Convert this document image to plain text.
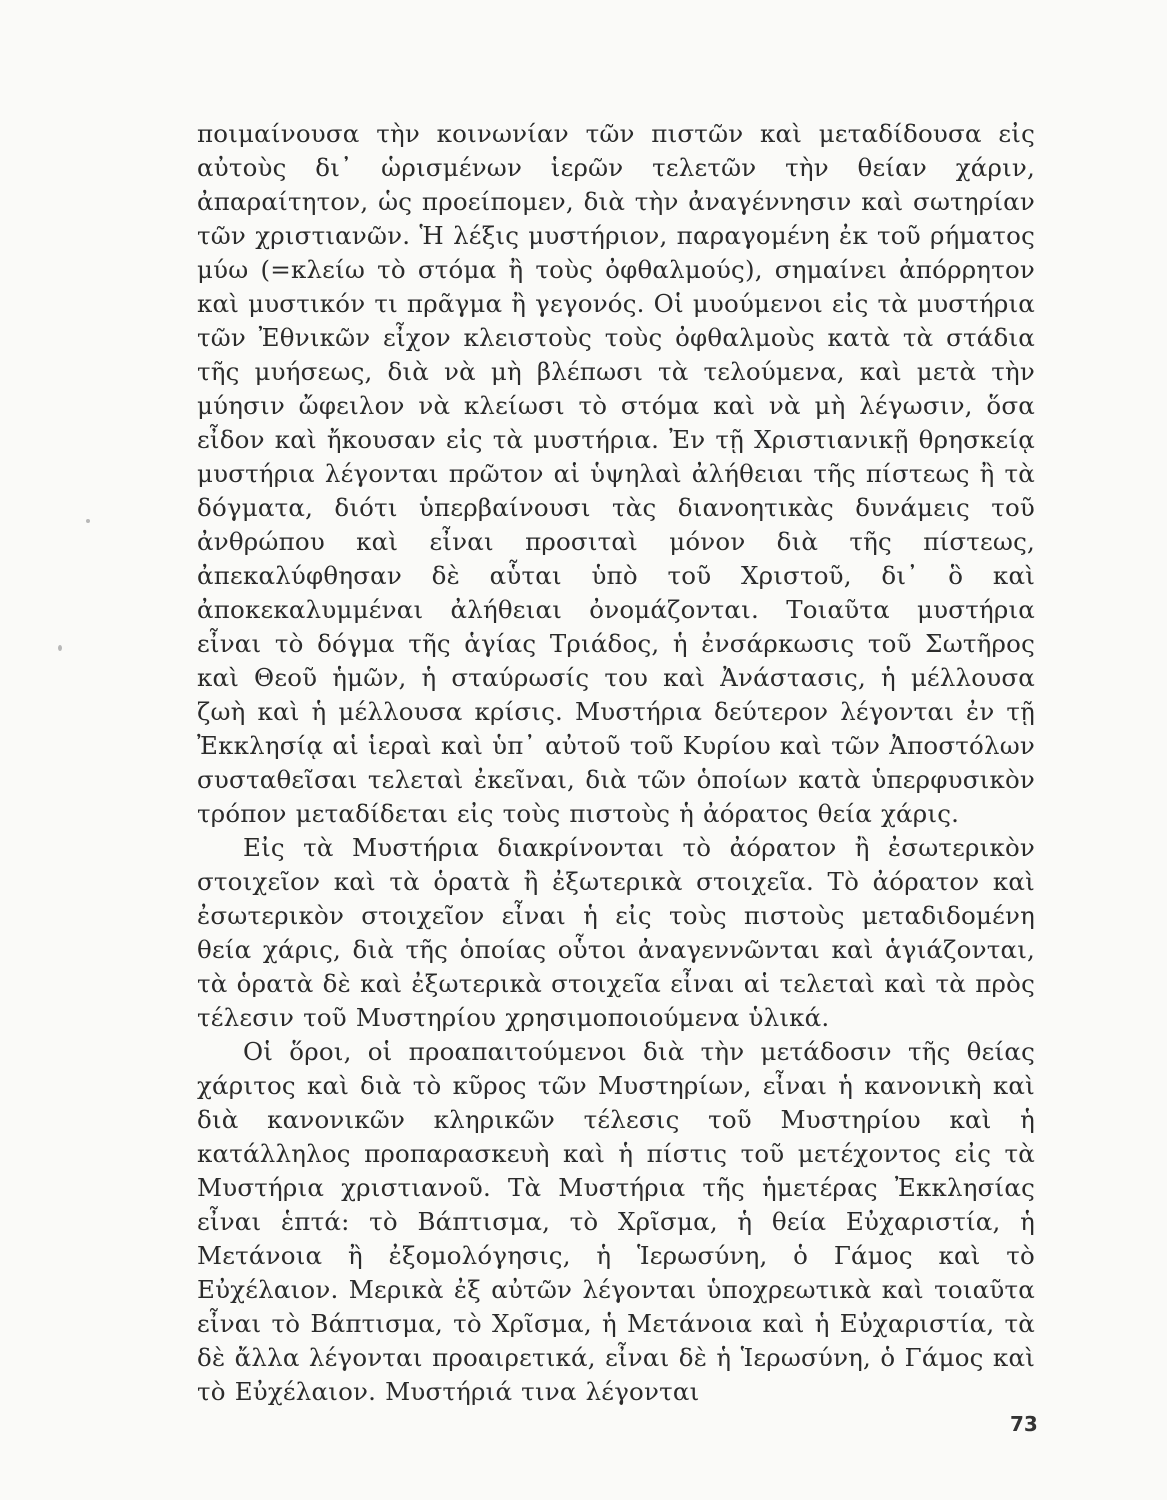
ποιμαίνουσα τὴν κοινωνίαν τῶν πιστῶν καὶ μεταδίδουσα εἰς αὐτοὺς δι᾿ ὡρισμένων ἱερῶν τελετῶν τὴν θείαν χάριν, ἀπαραίτητον, ὡς προείπομεν, διὰ τὴν ἀναγέννησιν καὶ σωτηρίαν τῶν χριστιανῶν. Ἡ λέξις μυστήριον, παραγομένη ἐκ τοῦ ρήματος μύω (=κλείω τὸ στόμα ἢ τοὺς ὀφθαλμούς), σημαίνει ἀπόρρητον καὶ μυστικόν τι πρᾶγμα ἢ γεγονός. Οἱ μυούμενοι εἰς τὰ μυστήρια τῶν Ἐθνικῶν εἶχον κλειστοὺς τοὺς ὀφθαλμοὺς κατὰ τὰ στάδια τῆς μυήσεως, διὰ νὰ μὴ βλέπωσι τὰ τελούμενα, καὶ μετὰ τὴν μύησιν ὤφειλον νὰ κλείωσι τὸ στόμα καὶ νὰ μὴ λέγωσιν, ὅσα εἶδον καὶ ἤκουσαν εἰς τὰ μυστήρια. Ἐν τῇ Χριστιανικῇ θρησκείᾳ μυστήρια λέγονται πρῶτον αἱ ὑψηλαὶ ἀλήθειαι τῆς πίστεως ἢ τὰ δόγματα, διότι ὑπερβαίνουσι τὰς διανοητικὰς δυνάμεις τοῦ ἀνθρώπου καὶ εἶναι προσιταὶ μόνον διὰ τῆς πίστεως, ἀπεκαλύφθησαν δὲ αὗται ὑπὸ τοῦ Χριστοῦ, δι᾿ ὃ καὶ ἀποκεκαλυμμέναι ἀλήθειαι ὀνομάζονται. Τοιαῦτα μυστήρια εἶναι τὸ δόγμα τῆς ἁγίας Τριάδος, ἡ ἐνσάρκωσις τοῦ Σωτῆρος καὶ Θεοῦ ἡμῶν, ἡ σταύρωσίς του καὶ Ἀνάστασις, ἡ μέλλουσα ζωὴ καὶ ἡ μέλλουσα κρίσις. Μυστήρια δεύτερον λέγονται ἐν τῇ Ἐκκλησίᾳ αἱ ἱεραὶ καὶ ὑπ᾿ αὐτοῦ τοῦ Κυρίου καὶ τῶν Ἀποστόλων συσταθεῖσαι τελεταὶ ἐκεῖναι, διὰ τῶν ὁποίων κατὰ ὑπερφυσικὸν τρόπον μεταδίδεται εἰς τοὺς πιστοὺς ἡ ἀόρατος θεία χάρις.

Εἰς τὰ Μυστήρια διακρίνονται τὸ ἀόρατον ἢ ἐσωτερικὸν στοιχεῖον καὶ τὰ ὁρατὰ ἢ ἐξωτερικὰ στοιχεῖα. Τὸ ἀόρατον καὶ ἐσωτερικὸν στοιχεῖον εἶναι ἡ εἰς τοὺς πιστοὺς μεταδιδομένη θεία χάρις, διὰ τῆς ὁποίας οὗτοι ἀναγεννῶνται καὶ ἁγιάζονται, τὰ ὁρατὰ δὲ καὶ ἐξωτερικὰ στοιχεῖα εἶναι αἱ τελεταὶ καὶ τὰ πρὸς τέλεσιν τοῦ Μυστηρίου χρησιμοποιούμενα ὑλικά.

Οἱ ὅροι, οἱ προαπαιτούμενοι διὰ τὴν μετάδοσιν τῆς θείας χάριτος καὶ διὰ τὸ κῦρος τῶν Μυστηρίων, εἶναι ἡ κανονικὴ καὶ διὰ κανονικῶν κληρικῶν τέλεσις τοῦ Μυστηρίου καὶ ἡ κατάλληλος προπαρασκευὴ καὶ ἡ πίστις τοῦ μετέχοντος εἰς τὰ Μυστήρια χριστιανοῦ. Τὰ Μυστήρια τῆς ἡμετέρας Ἐκκλησίας εἶναι ἑπτά: τὸ Βάπτισμα, τὸ Χρῖσμα, ἡ θεία Εὐχαριστία, ἡ Μετάνοια ἢ ἐξομολόγησις, ἡ Ἱερωσύνη, ὁ Γάμος καὶ τὸ Εὐχέλαιον. Μερικὰ ἐξ αὐτῶν λέγονται ὑποχρεωτικὰ καὶ τοιαῦτα εἶναι τὸ Βάπτισμα, τὸ Χρῖσμα, ἡ Μετάνοια καὶ ἡ Εὐχαριστία, τὰ δὲ ἄλλα λέγονται προαιρετικά, εἶναι δὲ ἡ Ἱερωσύνη, ὁ Γάμος καὶ τὸ Εὐχέλαιον. Μυστήριά τινα λέγονται

73
